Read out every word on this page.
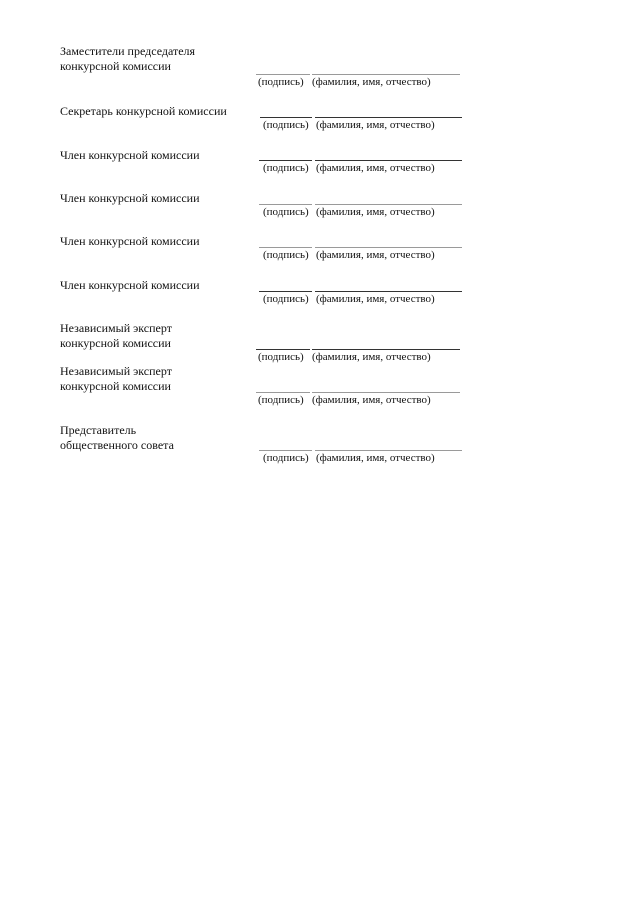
Заместители председателя
конкурсной комиссии
(подпись) (фамилия, имя, отчество)
Секретарь конкурсной комиссии
(подпись) (фамилия, имя, отчество)
Член конкурсной комиссии
(подпись) (фамилия, имя, отчество)
Член конкурсной комиссии
(подпись) (фамилия, имя, отчество)
Член конкурсной комиссии
(подпись) (фамилия, имя, отчество)
Член конкурсной комиссии
(подпись) (фамилия, имя, отчество)
Независимый эксперт
конкурсной комиссии
(подпись) (фамилия, имя, отчество)
Независимый эксперт
конкурсной комиссии
(подпись) (фамилия, имя, отчество)
Представитель
общественного совета
(подпись) (фамилия, имя, отчество)
